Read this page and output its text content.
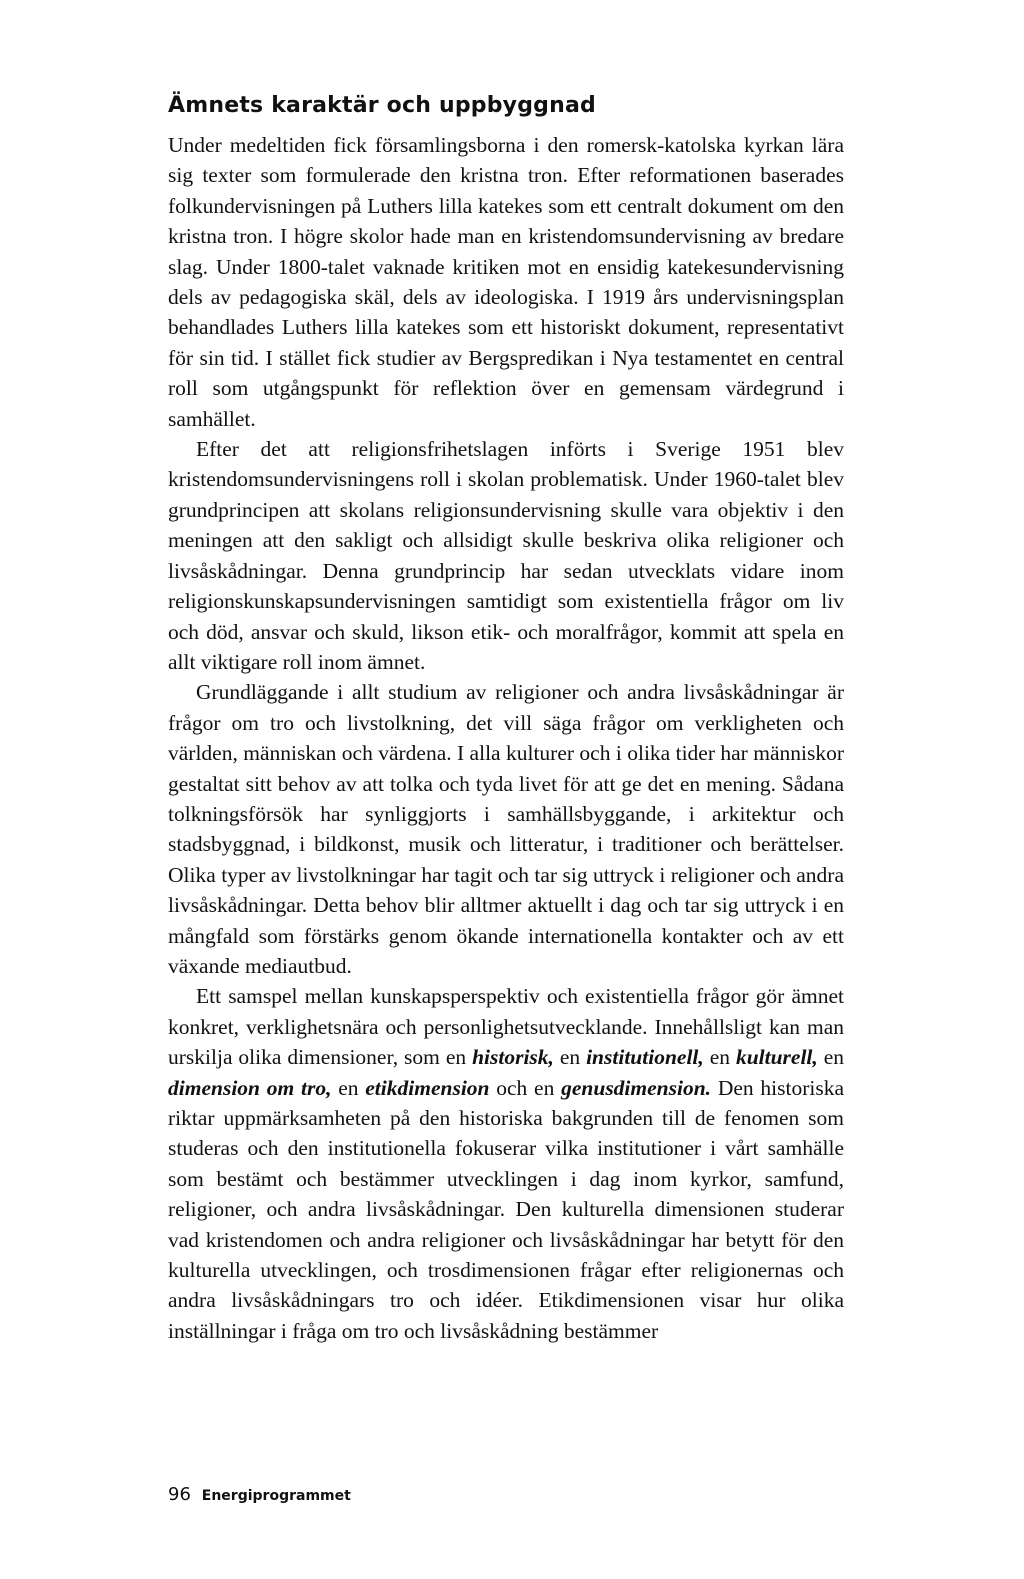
Ämnets karaktär och uppbyggnad

Under medeltiden fick församlingsborna i den romersk-katolska kyrkan lära sig texter som formulerade den kristna tron. Efter reformationen baserades folkundervisningen på Luthers lilla katekes som ett centralt dokument om den kristna tron. I högre skolor hade man en kristendomsundervisning av bredare slag. Under 1800-talet vaknade kritiken mot en ensidig katekesundervisning dels av pedagogiska skäl, dels av ideologiska. I 1919 års undervisningsplan behandlades Luthers lilla katekes som ett historiskt dokument, representativt för sin tid. I stället fick studier av Bergspredikan i Nya testamentet en central roll som utgångspunkt för reflektion över en gemensam värdegrund i samhället.

Efter det att religionsfrihetslagen införts i Sverige 1951 blev kristendomsundervisningens roll i skolan problematisk. Under 1960-talet blev grundprincipen att skolans religionsundervisning skulle vara objektiv i den meningen att den sakligt och allsidigt skulle beskriva olika religioner och livsåskådningar. Denna grundprincip har sedan utvecklats vidare inom religionskunskapsundervisningen samtidigt som existentiella frågor om liv och död, ansvar och skuld, likson etik- och moralfrågor, kommit att spela en allt viktigare roll inom ämnet.

Grundläggande i allt studium av religioner och andra livsåskådningar är frågor om tro och livstolkning, det vill säga frågor om verkligheten och världen, människan och värdena. I alla kulturer och i olika tider har människor gestaltat sitt behov av att tolka och tyda livet för att ge det en mening. Sådana tolkningsförsök har synliggjorts i samhällsbyggande, i arkitektur och stadsbyggnad, i bildkonst, musik och litteratur, i traditioner och berättelser. Olika typer av livstolkningar har tagit och tar sig uttryck i religioner och andra livsåskådningar. Detta behov blir alltmer aktuellt i dag och tar sig uttryck i en mångfald som förstärks genom ökande internationella kontakter och av ett växande mediautbud.

Ett samspel mellan kunskapsperspektiv och existentiella frågor gör ämnet konkret, verklighetsnära och personlighetsutvecklande. Innehållsligt kan man urskilja olika dimensioner, som en historisk, en institutionell, en kulturell, en dimension om tro, en etikdimension och en genusdimension. Den historiska riktar uppmärksamheten på den historiska bakgrunden till de fenomen som studeras och den institutionella fokuserar vilka institutioner i vårt samhälle som bestämt och bestämmer utvecklingen i dag inom kyrkor, samfund, religioner, och andra livsåskådningar. Den kulturella dimensionen studerar vad kristendomen och andra religioner och livsåskådningar har betytt för den kulturella utvecklingen, och trosdimensionen frågar efter religionernas och andra livsåskådningars tro och idéer. Etikdimensionen visar hur olika inställningar i fråga om tro och livsåskådning bestämmer

96 Energiprogrammet
